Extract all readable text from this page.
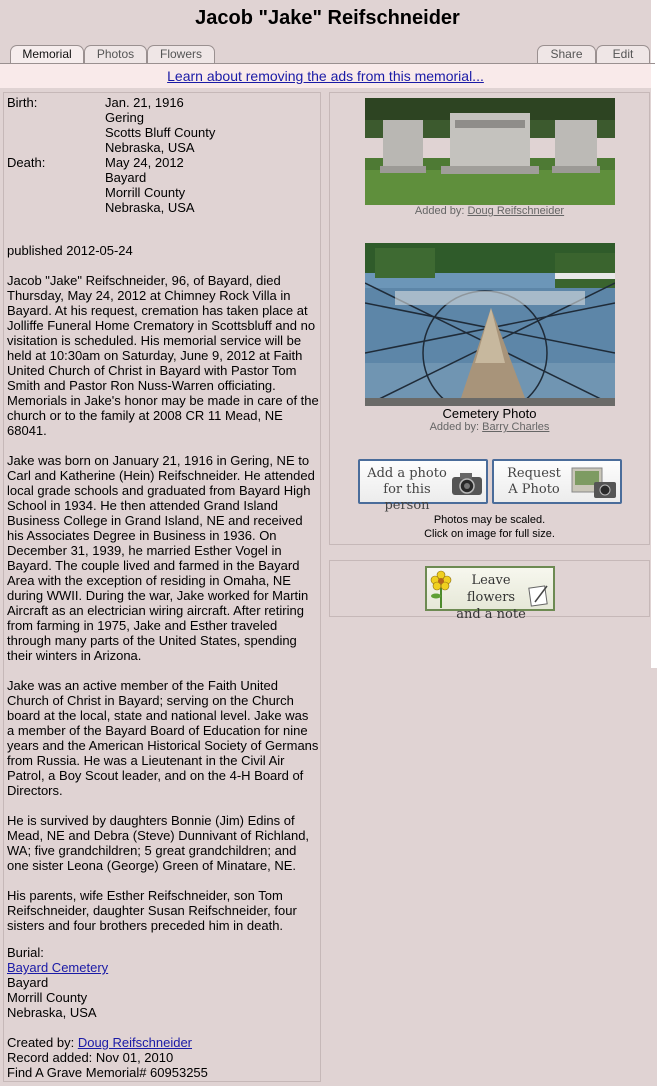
Jacob "Jake" Reifschneider
Memorial	Photos	Flowers	Share	Edit
Learn about removing the ads from this memorial...
Birth:	Jan. 21, 1916
Gering
Scotts Bluff County
Nebraska, USA
Death:	May 24, 2012
Bayard
Morrill County
Nebraska, USA

published 2012-05-24

Jacob "Jake" Reifschneider, 96, of Bayard, died Thursday, May 24, 2012 at Chimney Rock Villa in Bayard. At his request, cremation has taken place at Jolliffe Funeral Home Crematory in Scottsbluff and no visitation is scheduled. His memorial service will be held at 10:30am on Saturday, June 9, 2012 at Faith United Church of Christ in Bayard with Pastor Tom Smith and Pastor Ron Nuss-Warren officiating. Memorials in Jake's honor may be made in care of the church or to the family at 2008 CR 11 Mead, NE 68041.

Jake was born on January 21, 1916 in Gering, NE to Carl and Katherine (Hein) Reifschneider. He attended local grade schools and graduated from Bayard High School in 1934. He then attended Grand Island Business College in Grand Island, NE and received his Associates Degree in Business in 1936. On December 31, 1939, he married Esther Vogel in Bayard. The couple lived and farmed in the Bayard Area with the exception of residing in Omaha, NE during WWII. During the war, Jake worked for Martin Aircraft as an electrician wiring aircraft. After retiring from farming in 1975, Jake and Esther traveled through many parts of the United States, spending their winters in Arizona.

Jake was an active member of the Faith United Church of Christ in Bayard; serving on the Church board at the local, state and national level. Jake was a member of the Bayard Board of Education for nine years and the American Historical Society of Germans from Russia. He was a Lieutenant in the Civil Air Patrol, a Boy Scout leader, and on the 4-H Board of Directors.

He is survived by daughters Bonnie (Jim) Edins of Mead, NE and Debra (Steve) Dunnivant of Richland, WA; five grandchildren; 5 great grandchildren; and one sister Leona (George) Green of Minatare, NE.

His parents, wife Esther Reifschneider, son Tom Reifschneider, daughter Susan Reifschneider, four sisters and four brothers preceded him in death.

Burial:
Bayard Cemetery
Bayard
Morrill County
Nebraska, USA
Created by: Doug Reifschneider
Record added: Nov 01, 2010
Find A Grave Memorial# 60953255
Added by: Doug Reifschneider
Cemetery Photo
Added by: Barry Charles
Add a photo
for this person
Request
A Photo
Photos may be scaled.
Click on image for full size.
Leave flowers
and a note
